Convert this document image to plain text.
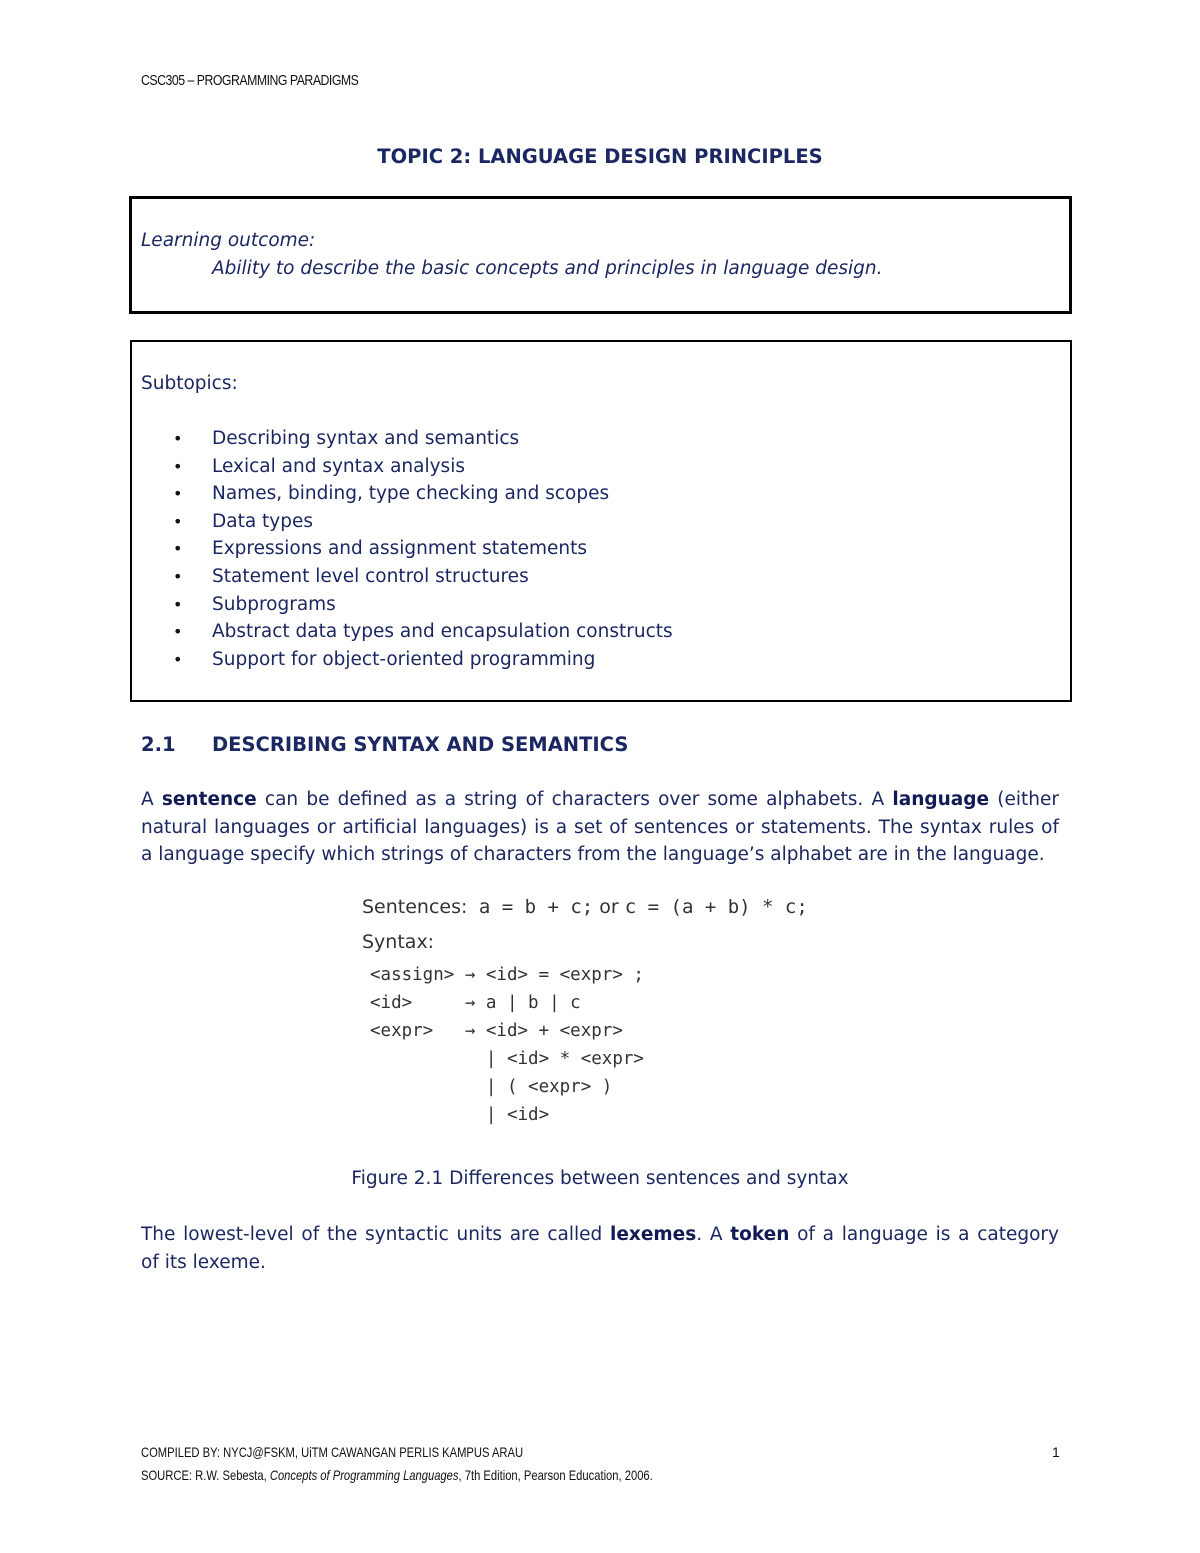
CSC305 – PROGRAMMING PARADIGMS
TOPIC 2: LANGUAGE DESIGN PRINCIPLES
Learning outcome:
Ability to describe the basic concepts and principles in language design.
Subtopics:
• Describing syntax and semantics
• Lexical and syntax analysis
• Names, binding, type checking and scopes
• Data types
• Expressions and assignment statements
• Statement level control structures
• Subprograms
• Abstract data types and encapsulation constructs
• Support for object-oriented programming
2.1 DESCRIBING SYNTAX AND SEMANTICS
A sentence can be defined as a string of characters over some alphabets. A language (either
natural languages or artificial languages) is a set of sentences or statements. The syntax rules of
a language specify which strings of characters from the language’s alphabet are in the language.
Sentences: a = b + c; or c = (a + b) * c;
Syntax:
<assign> → <id> = <expr> ;
<id>     → a | b | c
<expr>   → <id> + <expr>
| <id> * <expr>
| ( <expr> )
| <id>
Figure 2.1 Differences between sentences and syntax
The lowest-level of the syntactic units are called lexemes. A token of a language is a category
of its lexeme.
COMPILED BY: NYCJ@FSKM, UiTM CAWANGAN PERLIS KAMPUS ARAU
SOURCE: R.W. Sebesta, Concepts of Programming Languages, 7th Edition, Pearson Education, 2006.
1
